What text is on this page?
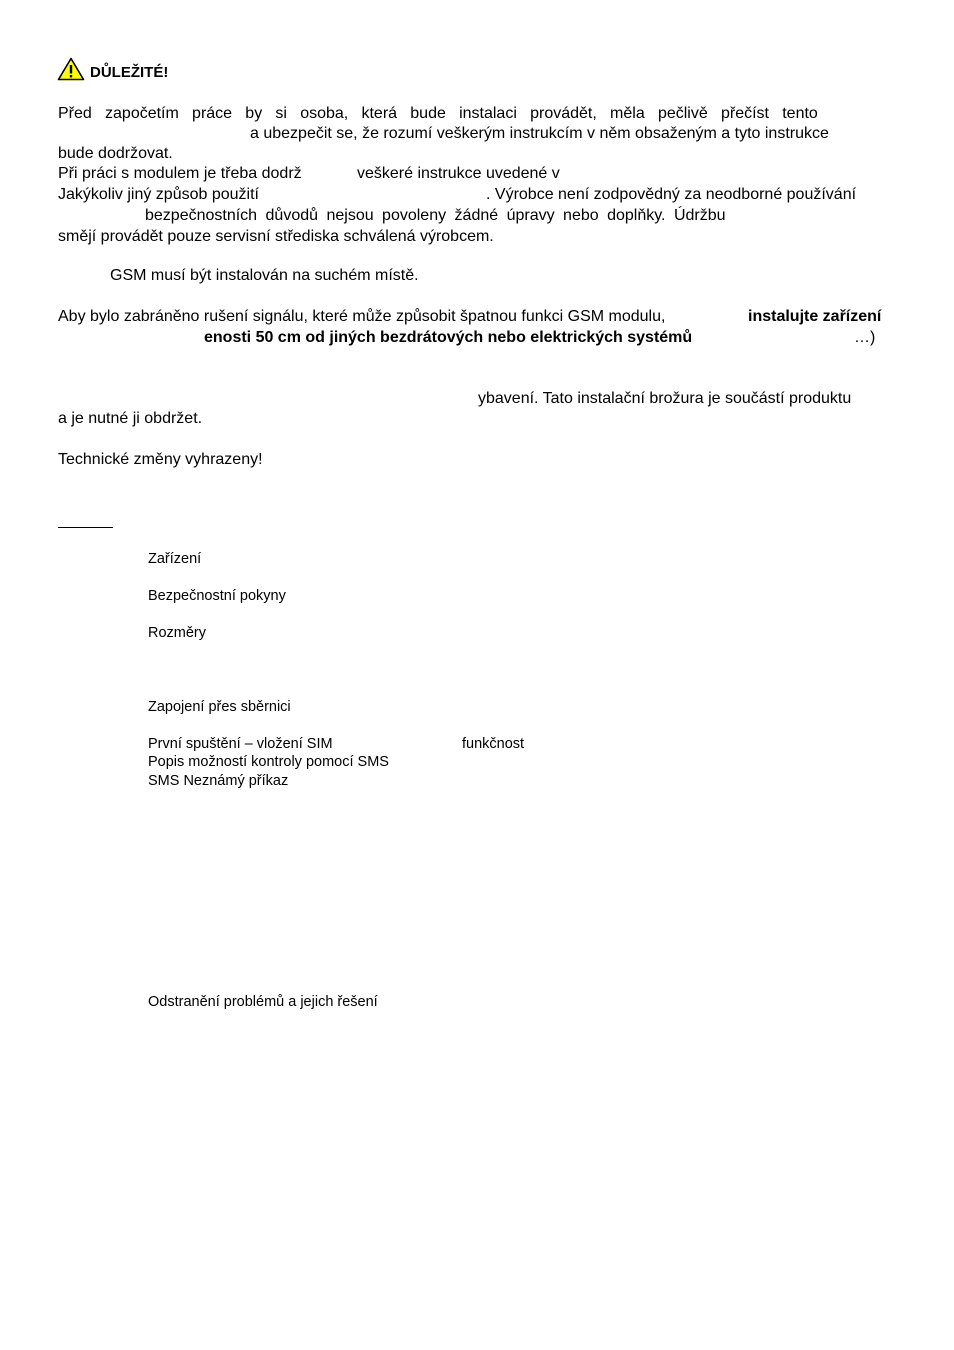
DŮLEŽITÉ!
Před započetím práce by si osoba, která bude instalaci provádět, měla pečlivě přečíst tento
a ubezpečit se, že rozumí veškerým instrukcím v něm obsaženým a tyto instrukce
bude dodržovat.
Při práci s modulem je třeba dodrž	veškeré instrukce uvedené v
Jakýkoliv jiný způsob použití	. Výrobce není zodpovědný za neodborné používání
bezpečnostních důvodů nejsou povoleny žádné úpravy nebo doplňky. Údržbu
smějí provádět pouze servisní střediska schválená výrobcem.
GSM musí být instalován na suchém místě.
Aby bylo zabráněno rušení signálu, které může způsobit špatnou funkci GSM modulu,	instalujte zařízení
enosti 50 cm od jiných bezdrátových nebo elektrických systémů	…)
ybavení. Tato instalační brožura je součástí produktu
a je nutné ji obdržet.
Technické změny vyhrazeny!
Zařízení
Bezpečnostní pokyny
Rozměry
Zapojení přes sběrnici
První spuštění – vložení SIM	funkčnost
Popis možností kontroly pomocí SMS
SMS Neznámý příkaz
Odstranění problémů a jejich řešení
